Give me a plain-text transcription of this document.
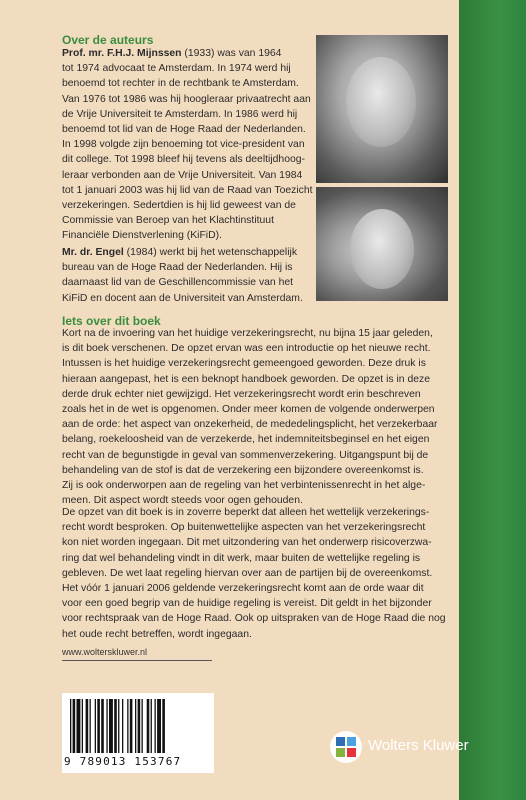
Over de auteurs
Prof. mr. F.H.J. Mijnssen (1933) was van 1964
tot 1974 advocaat te Amsterdam. In 1974 werd hij
benoemd tot rechter in de rechtbank te Amsterdam.
Van 1976 tot 1986 was hij hoogleraar privaatrecht aan
de Vrije Universiteit te Amsterdam. In 1986 werd hij
benoemd tot lid van de Hoge Raad der Nederlanden.
In 1998 volgde zijn benoeming tot vice-president van
dit college. Tot 1998 bleef hij tevens als deeltijdhoog-
leraar verbonden aan de Vrije Universiteit. Van 1984
tot 1 januari 2003 was hij lid van de Raad van Toezicht
verzekeringen. Sedertdien is hij lid geweest van de
Commissie van Beroep van het Klachtinstituut
Financiële Dienstverlening (KiFiD).
Mr. dr. Engel (1984) werkt bij het wetenschappelijk
bureau van de Hoge Raad der Nederlanden. Hij is
daarnaast lid van de Geschillencommissie van het
KiFiD en docent aan de Universiteit van Amsterdam.
Iets over dit boek
Kort na de invoering van het huidige verzekeringsrecht, nu bijna 15 jaar geleden,
is dit boek verschenen. De opzet ervan was een introductie op het nieuwe recht.
Intussen is het huidige verzekeringsrecht gemeengoed geworden. Deze druk is
hieraan aangepast, het is een beknopt handboek geworden. De opzet is in deze
derde druk echter niet gewijzigd. Het verzekeringsrecht wordt erin beschreven
zoals het in de wet is opgenomen. Onder meer komen de volgende onderwerpen
aan de orde: het aspect van onzekerheid, de mededelingsplicht, het verzekerbaar
belang, roekeloosheid van de verzekerde, het indemniteitsbeginsel en het eigen
recht van de begunstigde in geval van sommenverzekering. Uitgangspunt bij de
behandeling van de stof is dat de verzekering een bijzondere overeenkomst is.
Zij is ook onderworpen aan de regeling van het verbintenissenrecht in het alge-
meen. Dit aspect wordt steeds voor ogen gehouden.
De opzet van dit boek is in zoverre beperkt dat alleen het wettelijk verzekerings-
recht wordt besproken. Op buitenwettelijke aspecten van het verzekeringsrecht
kon niet worden ingegaan. Dit met uitzondering van het onderwerp risicoverzwa-
ring dat wel behandeling vindt in dit werk, maar buiten de wettelijke regeling is
gebleven. De wet laat regeling hiervan over aan de partijen bij de overeenkomst.
Het vóór 1 januari 2006 geldende verzekeringsrecht komt aan de orde waar dit
voor een goed begrip van de huidige regeling is vereist. Dit geldt in het bijzonder
voor rechtspraak van de Hoge Raad. Ook op uitspraken van de Hoge Raad die nog
het oude recht betreffen, wordt ingegaan.
www.wolterskluwer.nl
9 789013 153767
Wolters Kluwer
